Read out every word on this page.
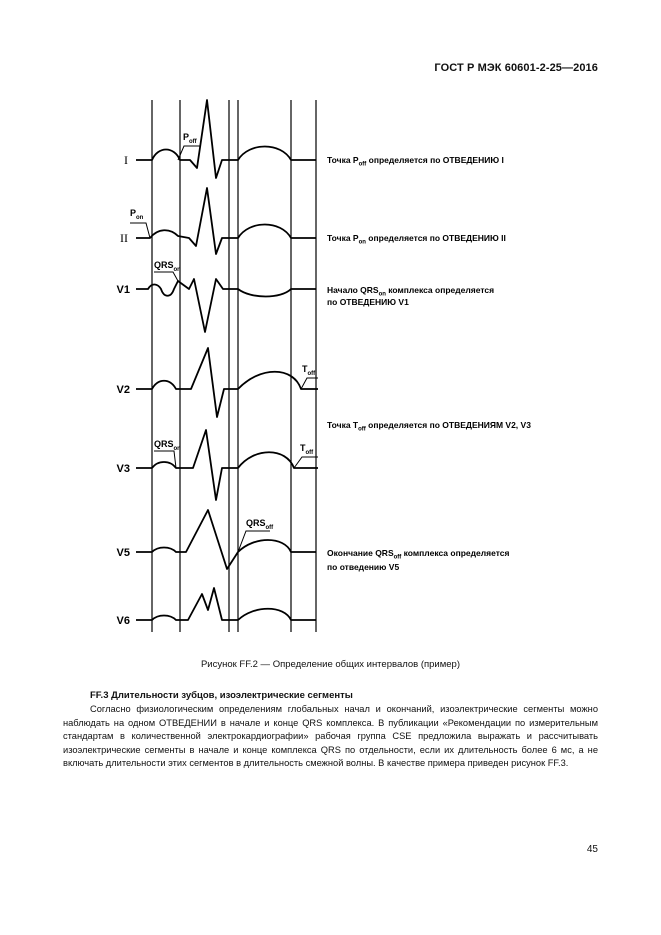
ГОСТ Р МЭК 60601-2-25—2016
I
II
V1
V2
V3
V5
V6
Poff
Pon
QRSon
Toff
QRSon	Toff
QRSoff
Точка Poff определяется по ОТВЕДЕНИЮ I
Точка Pon определяется по ОТВЕДЕНИЮ II
Начало QRSon комплекса определяется
по ОТВЕДЕНИЮ V1
Точка Toff определяется по ОТВЕДЕНИЯМ V2, V3
Окончание QRSoff комплекса определяется
по отведению V5
Рисунок FF.2 — Определение общих интервалов (пример)
FF.3 Длительности зубцов, изоэлектрические сегменты

Согласно физиологическим определениям глобальных начал и окончаний, изоэлектрические сегменты можно наблюдать на одном ОТВЕДЕНИИ в начале и конце QRS комплекса. В публикации «Рекомендации по измерительным стандартам в количественной электрокардиографии» рабочая группа CSE предложила выражать и рассчитывать изоэлектрические сегменты в начале и конце комплекса QRS по отдельности, если их длительность более 6 мс, а не включать длительности этих сегментов в длительность смежной волны. В качестве примера приведен рисунок FF.3.

45
